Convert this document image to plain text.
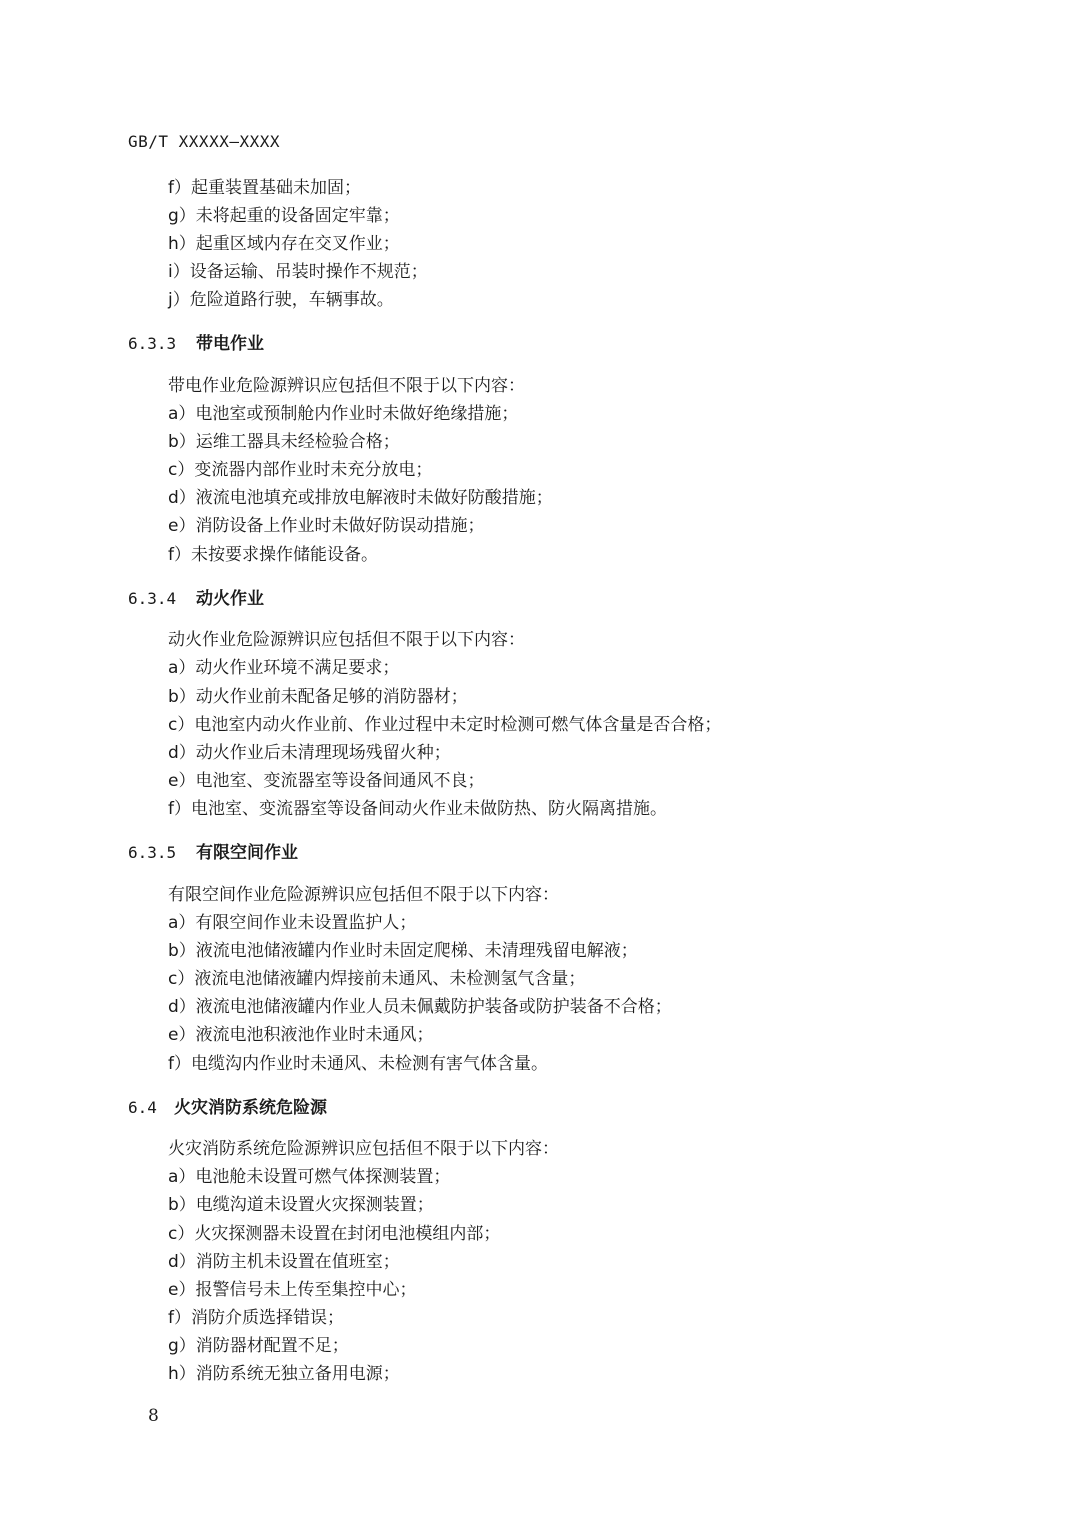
GB/T XXXXX—XXXX
f）起重装置基础未加固；
g）未将起重的设备固定牢靠；
h）起重区域内存在交叉作业；
i）设备运输、吊装时操作不规范；
j）危险道路行驶，车辆事故。
6.3.3 带电作业
带电作业危险源辨识应包括但不限于以下内容：
a）电池室或预制舱内作业时未做好绝缘措施；
b）运维工器具未经检验合格；
c）变流器内部作业时未充分放电；
d）液流电池填充或排放电解液时未做好防酸措施；
e）消防设备上作业时未做好防误动措施；
f）未按要求操作储能设备。
6.3.4 动火作业
动火作业危险源辨识应包括但不限于以下内容：
a）动火作业环境不满足要求；
b）动火作业前未配备足够的消防器材；
c）电池室内动火作业前、作业过程中未定时检测可燃气体含量是否合格；
d）动火作业后未清理现场残留火种；
e）电池室、变流器室等设备间通风不良；
f）电池室、变流器室等设备间动火作业未做防热、防火隔离措施。
6.3.5 有限空间作业
有限空间作业危险源辨识应包括但不限于以下内容：
a）有限空间作业未设置监护人；
b）液流电池储液罐内作业时未固定爬梯、未清理残留电解液；
c）液流电池储液罐内焊接前未通风、未检测氢气含量；
d）液流电池储液罐内作业人员未佩戴防护装备或防护装备不合格；
e）液流电池积液池作业时未通风；
f）电缆沟内作业时未通风、未检测有害气体含量。
6.4 火灾消防系统危险源
火灾消防系统危险源辨识应包括但不限于以下内容：
a）电池舱未设置可燃气体探测装置；
b）电缆沟道未设置火灾探测装置；
c）火灾探测器未设置在封闭电池模组内部；
d）消防主机未设置在值班室；
e）报警信号未上传至集控中心；
f）消防介质选择错误；
g）消防器材配置不足；
h）消防系统无独立备用电源；
8
